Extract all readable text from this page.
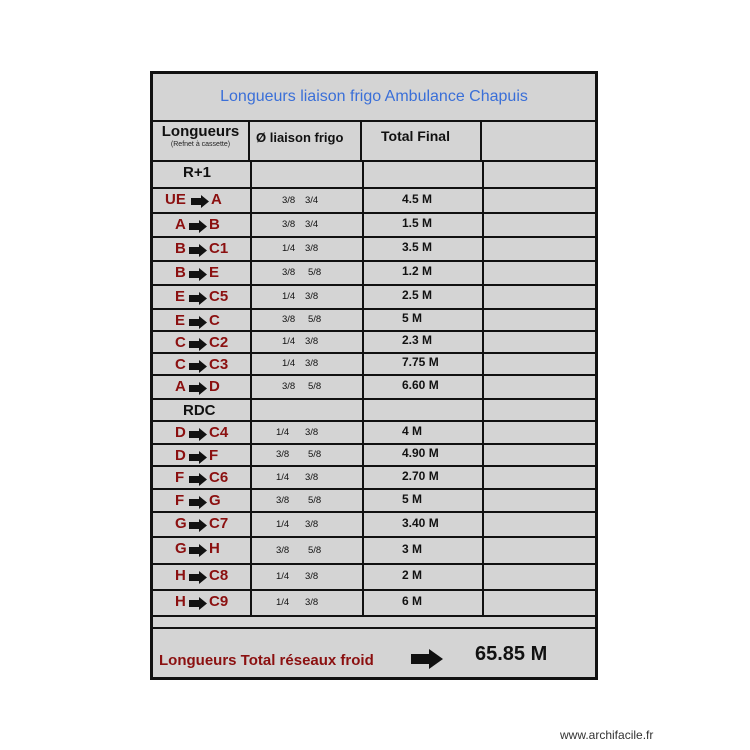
Longueurs liaison frigo Ambulance Chapuis
Longueurs
(Refnet à cassette)	Ø liaison frigo	Total Final
R+1
UE A	3/8 3/4	4.5 M
A B	3/8 3/4	1.5 M
B C1	1/4 3/8	3.5 M
B E	3/8 5/8	1.2 M
E C5	1/4 3/8	2.5 M
E C	3/8 5/8	5 M
C C2	1/4 3/8	2.3 M
C C3	1/4 3/8	7.75 M
A D	3/8 5/8	6.60 M
RDC
D C4	1/4 3/8	4 M
D F	3/8 5/8	4.90 M
F C6	1/4 3/8	2.70 M
F G	3/8 5/8	5 M
G C7	1/4 3/8	3.40 M
G H	3/8 5/8	3 M
H C8	1/4 3/8	2 M
H C9	1/4 3/8	6 M
Longueurs Total réseaux froid	65.85 M
www.archifacile.fr
